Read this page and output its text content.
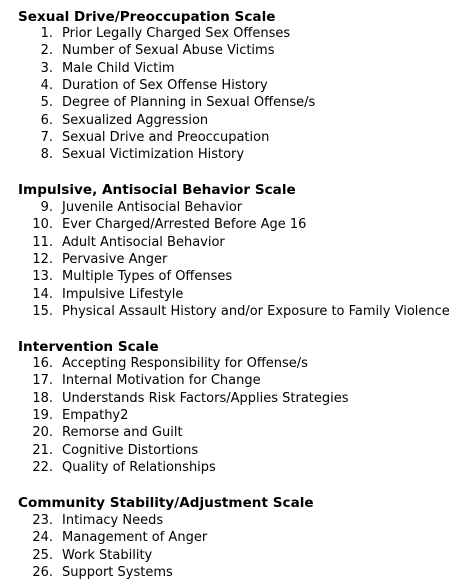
Sexual Drive/Preoccupation Scale
1. Prior Legally Charged Sex Offenses
2. Number of Sexual Abuse Victims
3. Male Child Victim
4. Duration of Sex Offense History
5. Degree of Planning in Sexual Offense/s
6. Sexualized Aggression
7. Sexual Drive and Preoccupation
8. Sexual Victimization History
Impulsive, Antisocial Behavior Scale
9. Juvenile Antisocial Behavior
10. Ever Charged/Arrested Before Age 16
11. Adult Antisocial Behavior
12. Pervasive Anger
13. Multiple Types of Offenses
14. Impulsive Lifestyle
15. Physical Assault History and/or Exposure to Family Violence
Intervention Scale
16. Accepting Responsibility for Offense/s
17. Internal Motivation for Change
18. Understands Risk Factors/Applies Strategies
19. Empathy2
20. Remorse and Guilt
21. Cognitive Distortions
22. Quality of Relationships
Community Stability/Adjustment Scale
23. Intimacy Needs
24. Management of Anger
25. Work Stability
26. Support Systems
